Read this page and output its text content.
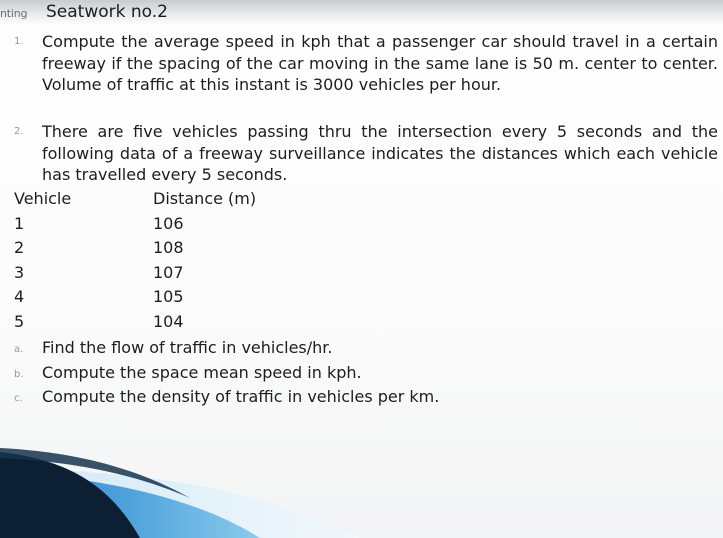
nting Seatwork no.2
1. Compute the average speed in kph that a passenger car should travel in a certain freeway if the spacing of the car moving in the same lane is 50 m. center to center. Volume of traffic at this instant is 3000 vehicles per hour.
2. There are five vehicles passing thru the intersection every 5 seconds and the following data of a freeway surveillance indicates the distances which each vehicle has travelled every 5 seconds.
Vehicle	Distance (m)
1	106
2	108
3	107
4	105
5	104
a. Find the flow of traffic in vehicles/hr.
b. Compute the space mean speed in kph.
c. Compute the density of traffic in vehicles per km.
